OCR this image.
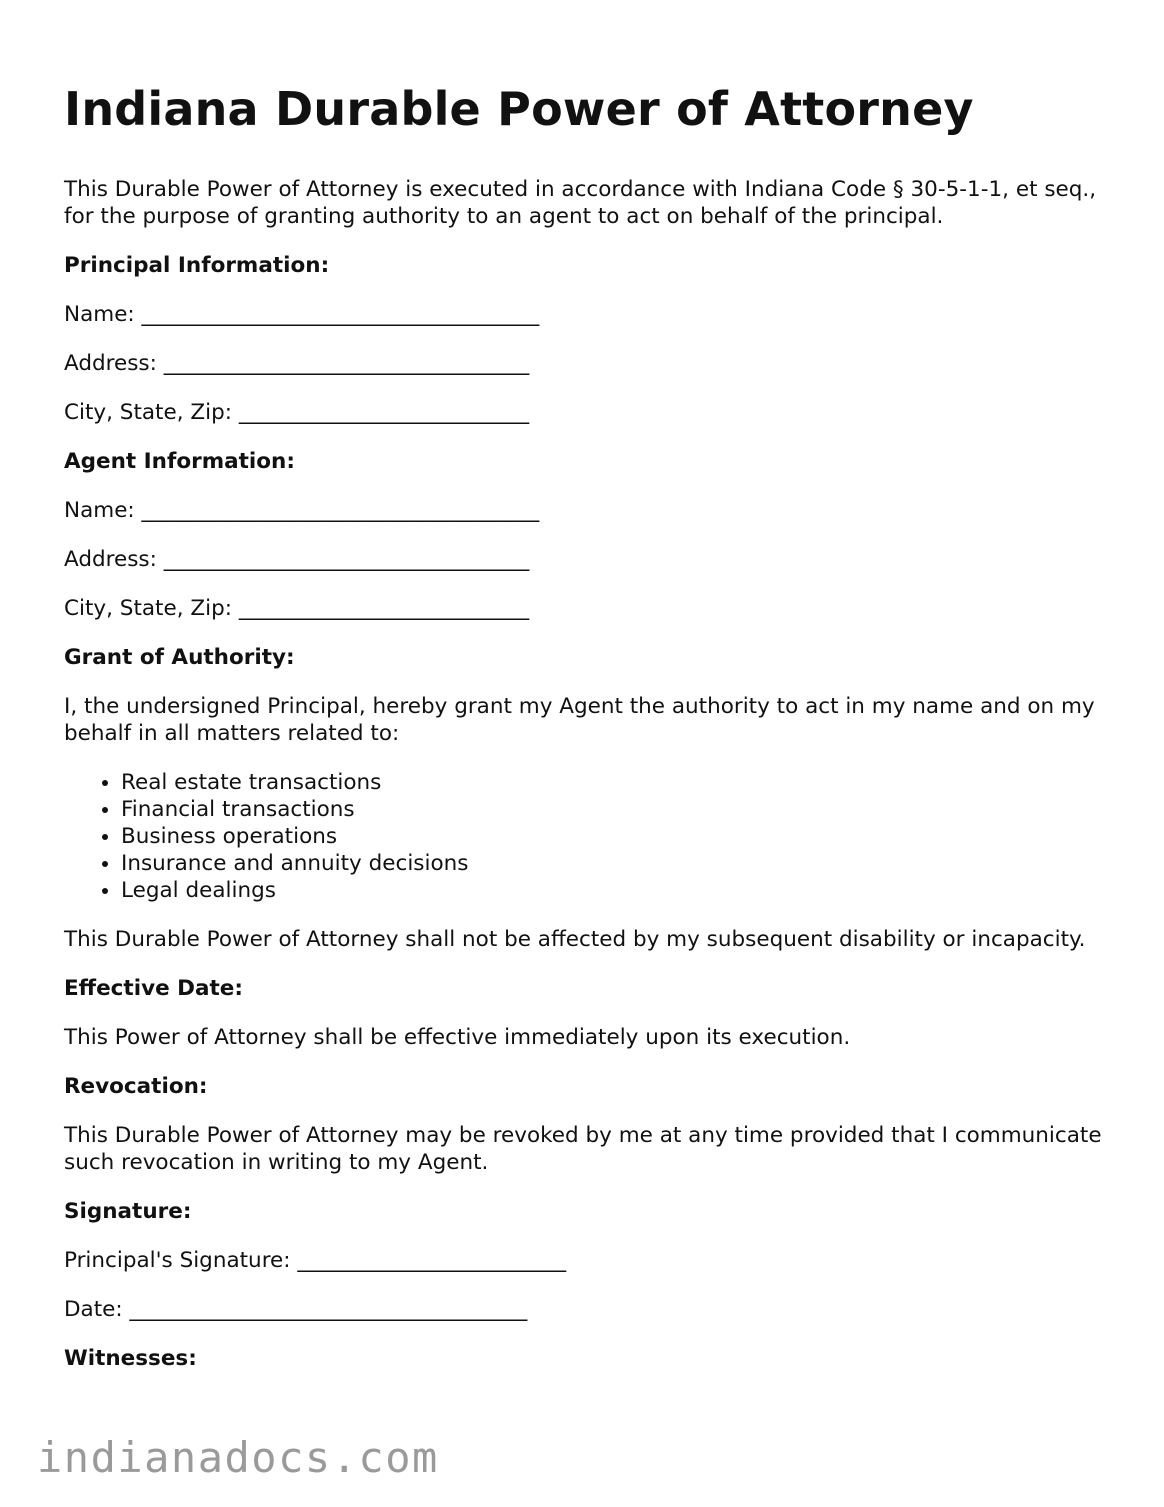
Indiana Durable Power of Attorney

This Durable Power of Attorney is executed in accordance with Indiana Code § 30-5-1-1, et seq., for the purpose of granting authority to an agent to act on behalf of the principal.

Principal Information:

Name: _____________________________________

Address: __________________________________

City, State, Zip: ___________________________

Agent Information:

Name: _____________________________________

Address: __________________________________

City, State, Zip: ___________________________

Grant of Authority:

I, the undersigned Principal, hereby grant my Agent the authority to act in my name and on my behalf in all matters related to:

• Real estate transactions
• Financial transactions
• Business operations
• Insurance and annuity decisions
• Legal dealings

This Durable Power of Attorney shall not be affected by my subsequent disability or incapacity.

Effective Date:

This Power of Attorney shall be effective immediately upon its execution.

Revocation:

This Durable Power of Attorney may be revoked by me at any time provided that I communicate such revocation in writing to my Agent.

Signature:

Principal's Signature: _________________________

Date: _____________________________________

Witnesses:

indianadocs.com
